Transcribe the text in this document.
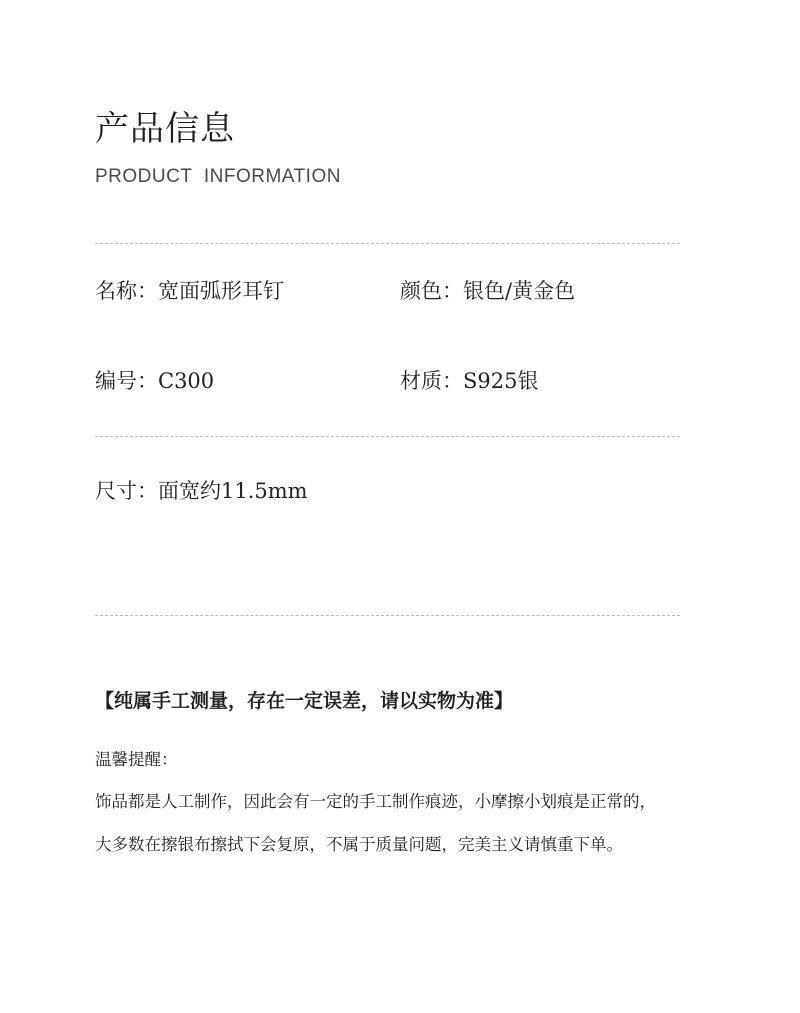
产品信息
PRODUCT INFORMATION
名称：宽面弧形耳钉	颜色：银色/黄金色
编号：C300	材质：S925银
尺寸：面宽约11.5mm
【纯属手工测量，存在一定误差，请以实物为准】
温馨提醒：
饰品都是人工制作，因此会有一定的手工制作痕迹，小摩擦小划痕是正常的，
大多数在擦银布擦拭下会复原，不属于质量问题，完美主义请慎重下单。
